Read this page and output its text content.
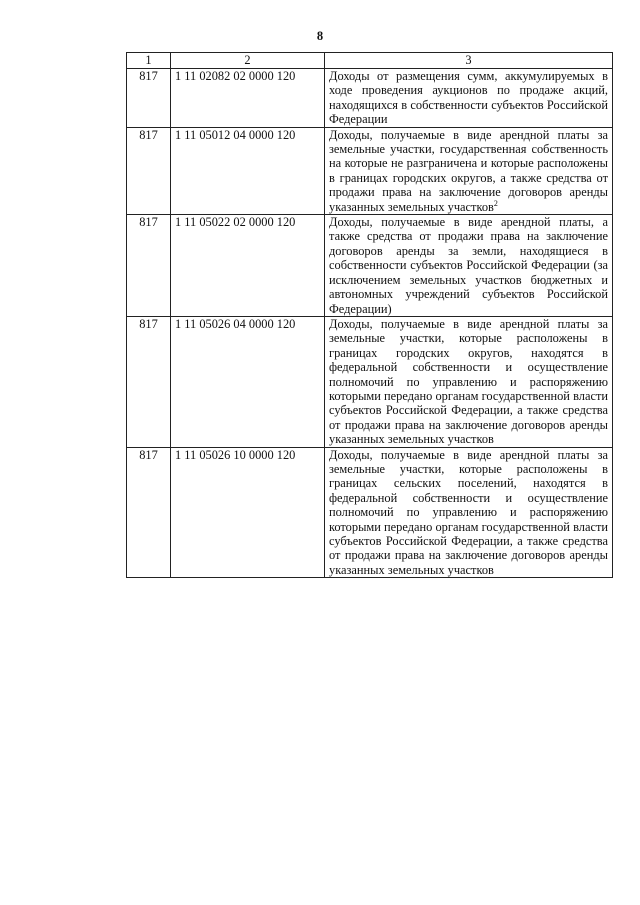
8
1	2	3
817	1 11 02082 02 0000 120	Доходы от размещения сумм, аккумулируемых в ходе проведения аукционов по продаже акций, находящихся в собственности субъектов Российской Федерации
817	1 11 05012 04 0000 120	Доходы, получаемые в виде арендной платы за земельные участки, государственная собственность на которые не разграничена и которые расположены в границах городских округов, а также средства от продажи права на заключение договоров аренды указанных земельных участков$^2$
817	1 11 05022 02 0000 120	Доходы, получаемые в виде арендной платы, а также средства от продажи права на заключение договоров аренды за земли, находящиеся в собственности субъектов Российской Федерации (за исключением земельных участков бюджетных и автономных учреждений субъектов Российской Федерации)
817	1 11 05026 04 0000 120	Доходы, получаемые в виде арендной платы за земельные участки, которые расположены в границах городских округов, находятся в федеральной собственности и осуществление полномочий по управлению и распоряжению которыми передано органам государственной власти субъектов Российской Федерации, а также средства от продажи права на заключение договоров аренды указанных земельных участков
817	1 11 05026 10 0000 120	Доходы, получаемые в виде арендной платы за земельные участки, которые расположены в границах сельских поселений, находятся в федеральной собственности и осуществление полномочий по управлению и распоряжению которыми передано органам государственной власти субъектов Российской Федерации, а также средства от продажи права на заключение договоров аренды указанных земельных участков
